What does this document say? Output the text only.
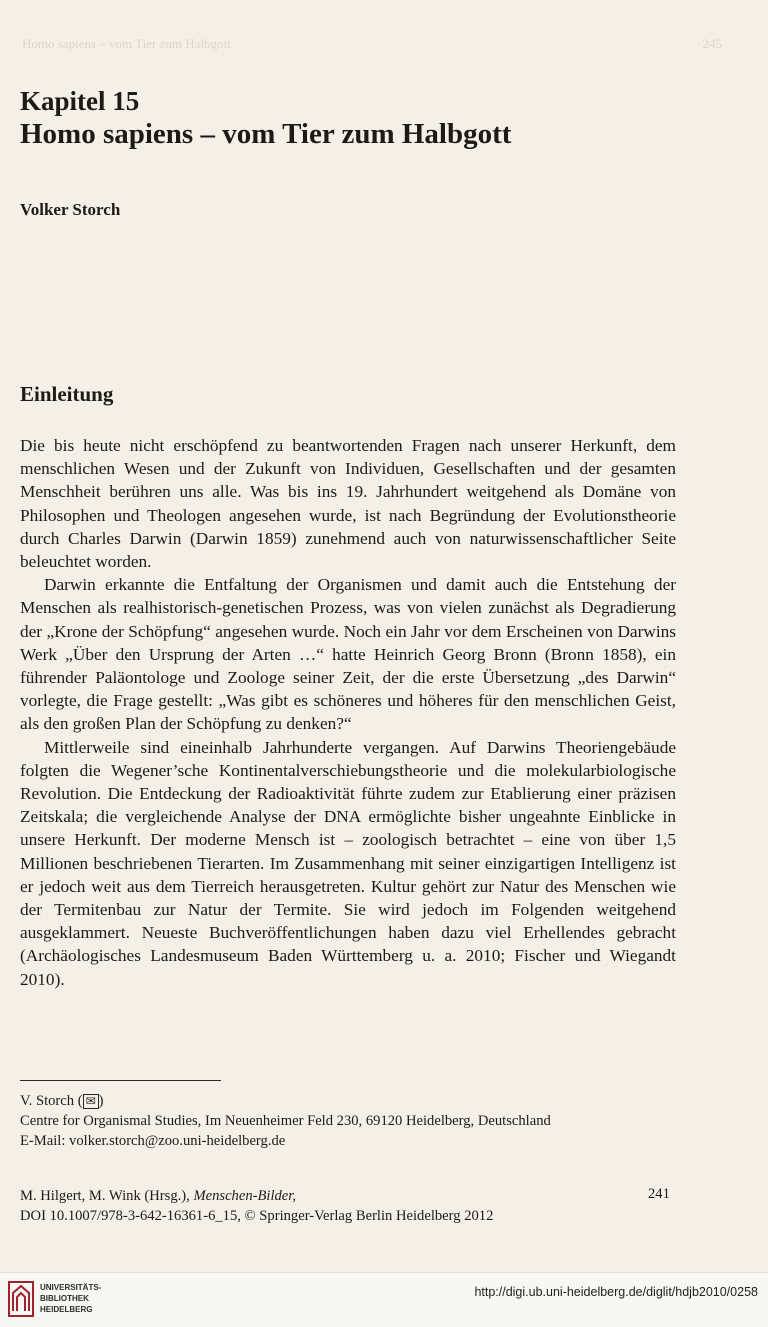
Homo sapiens – vom Tier zum Halbgott	245
Kapitel 15
Homo sapiens – vom Tier zum Halbgott
Volker Storch
Einleitung

Die bis heute nicht erschöpfend zu beantwortenden Fragen nach unserer Herkunft, dem menschlichen Wesen und der Zukunft von Individuen, Gesellschaften und der gesamten Menschheit berühren uns alle. Was bis ins 19. Jahrhundert weitgehend als Domäne von Philosophen und Theologen angesehen wurde, ist nach Begründung der Evolutionstheorie durch Charles Darwin (Darwin 1859) zunehmend auch von naturwissenschaftlicher Seite beleuchtet worden.

Darwin erkannte die Entfaltung der Organismen und damit auch die Entstehung der Menschen als realhistorisch-genetischen Prozess, was von vielen zunächst als Degradierung der „Krone der Schöpfung“ angesehen wurde. Noch ein Jahr vor dem Erscheinen von Darwins Werk „Über den Ursprung der Arten …“ hatte Heinrich Georg Bronn (Bronn 1858), ein führender Paläontologe und Zoologe seiner Zeit, der die erste Übersetzung „des Darwin“ vorlegte, die Frage gestellt: „Was gibt es schöneres und höheres für den menschlichen Geist, als den großen Plan der Schöpfung zu denken?“

Mittlerweile sind eineinhalb Jahrhunderte vergangen. Auf Darwins Theoriengebäude folgten die Wegener’sche Kontinentalverschiebungstheorie und die molekularbiologische Revolution. Die Entdeckung der Radioaktivität führte zudem zur Etablierung einer präzisen Zeitskala; die vergleichende Analyse der DNA ermöglichte bisher ungeahnte Einblicke in unsere Herkunft. Der moderne Mensch ist – zoologisch betrachtet – eine von über 1,5 Millionen beschriebenen Tierarten. Im Zusammenhang mit seiner einzigartigen Intelligenz ist er jedoch weit aus dem Tierreich herausgetreten. Kultur gehört zur Natur des Menschen wie der Termitenbau zur Natur der Termite. Sie wird jedoch im Folgenden weitgehend ausgeklammert. Neueste Buchveröffentlichungen haben dazu viel Erhellendes gebracht (Archäologisches Landesmuseum Baden Württemberg u. a. 2010; Fischer und Wiegandt 2010).

V. Storch ( ✉ )
Centre for Organismal Studies, Im Neuenheimer Feld 230, 69120 Heidelberg, Deutschland
E-Mail: volker.storch@zoo.uni-heidelberg.de
M. Hilgert, M. Wink (Hrsg.), Menschen-Bilder,
DOI 10.1007/978-3-642-16361-6_15, © Springer-Verlag Berlin Heidelberg 2012
241
UNIVERSITÄTS-
BIBLIOTHEK
HEIDELBERG
http://digi.ub.uni-heidelberg.de/diglit/hdjb2010/0258
